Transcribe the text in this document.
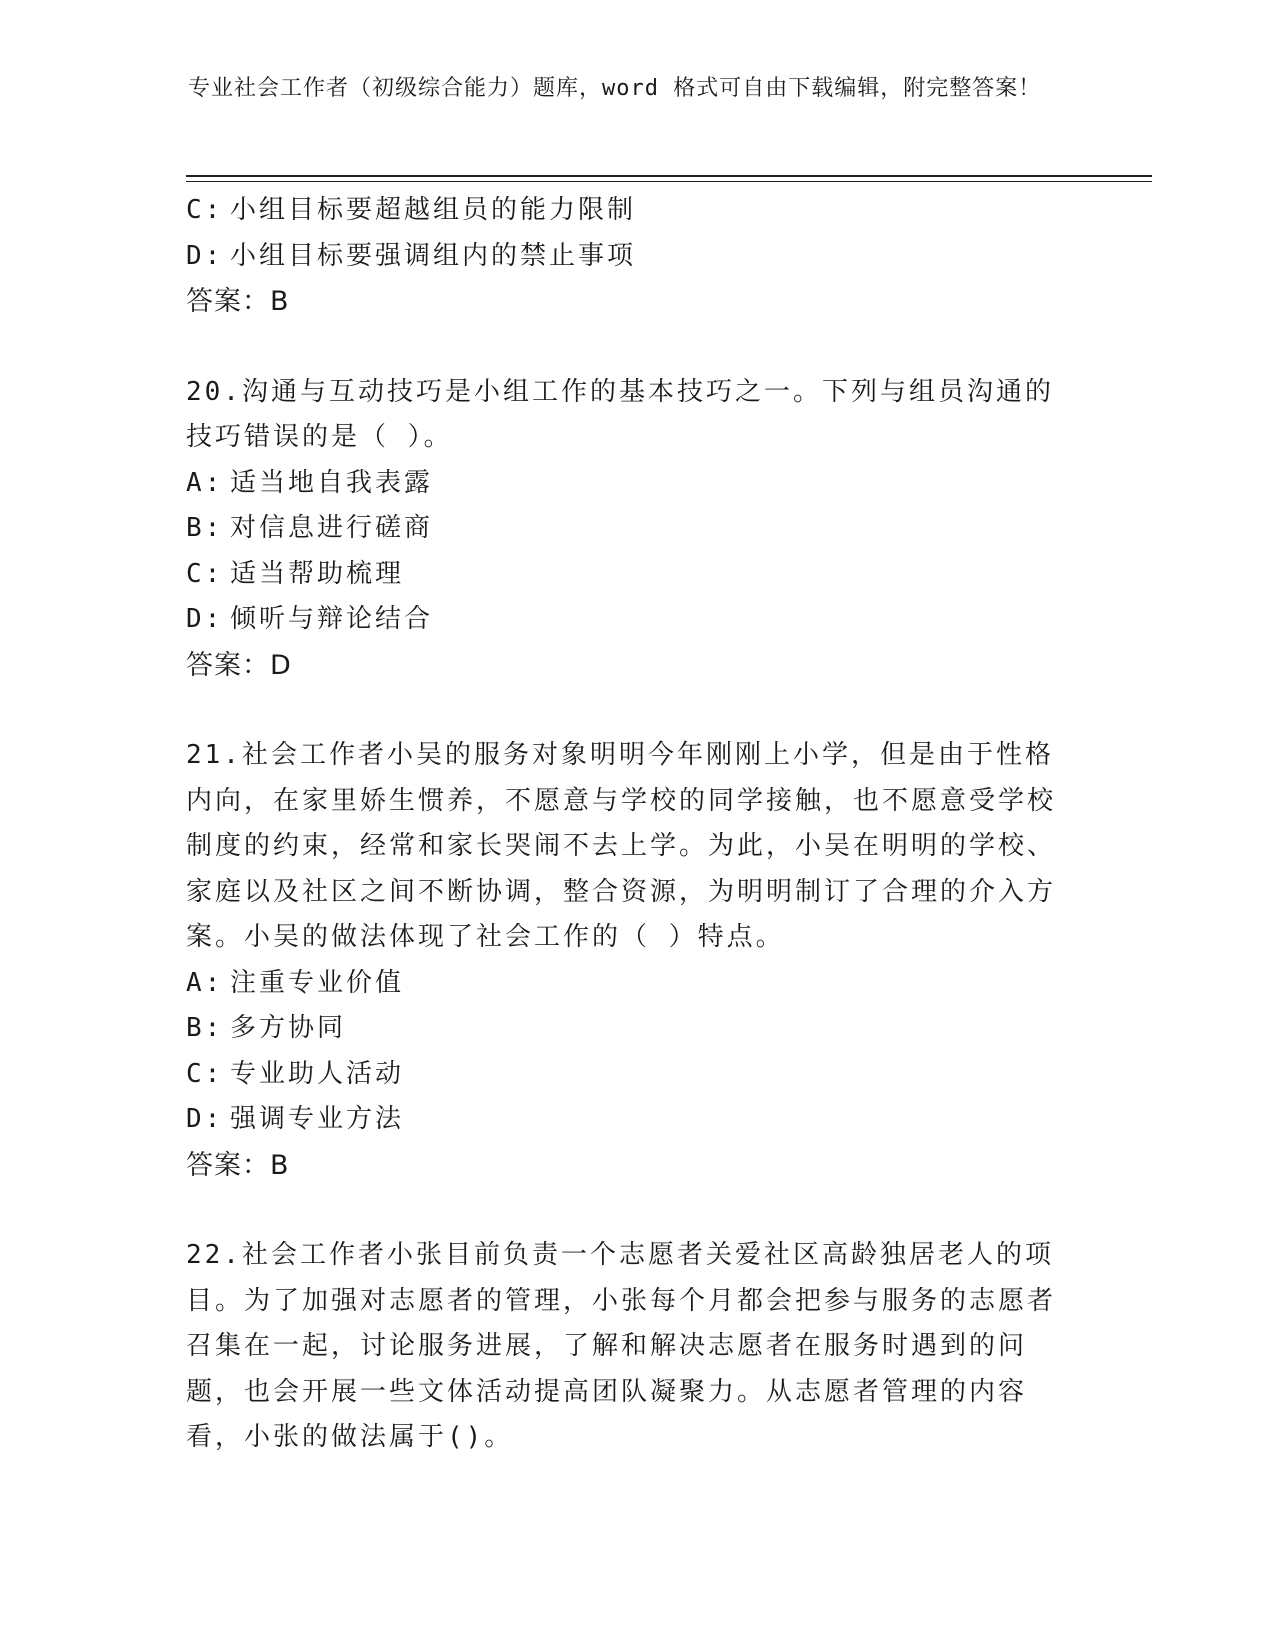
专业社会工作者（初级综合能力）题库，word 格式可自由下载编辑，附完整答案！
C: 小组目标要超越组员的能力限制
D: 小组目标要强调组内的禁止事项
答案：B
20.沟通与互动技巧是小组工作的基本技巧之一。下列与组员沟通的技巧错误的是（ ）。
A: 适当地自我表露
B: 对信息进行磋商
C: 适当帮助梳理
D: 倾听与辩论结合
答案：D
21.社会工作者小吴的服务对象明明今年刚刚上小学，但是由于性格内向，在家里娇生惯养，不愿意与学校的同学接触，也不愿意受学校制度的约束，经常和家长哭闹不去上学。为此，小吴在明明的学校、家庭以及社区之间不断协调，整合资源，为明明制订了合理的介入方案。小吴的做法体现了社会工作的（ ）特点。
A: 注重专业价值
B: 多方协同
C: 专业助人活动
D: 强调专业方法
答案：B
22.社会工作者小张目前负责一个志愿者关爱社区高龄独居老人的项目。为了加强对志愿者的管理，小张每个月都会把参与服务的志愿者召集在一起，讨论服务进展，了解和解决志愿者在服务时遇到的问题，也会开展一些文体活动提高团队凝聚力。从志愿者管理的内容看，小张的做法属于()。
